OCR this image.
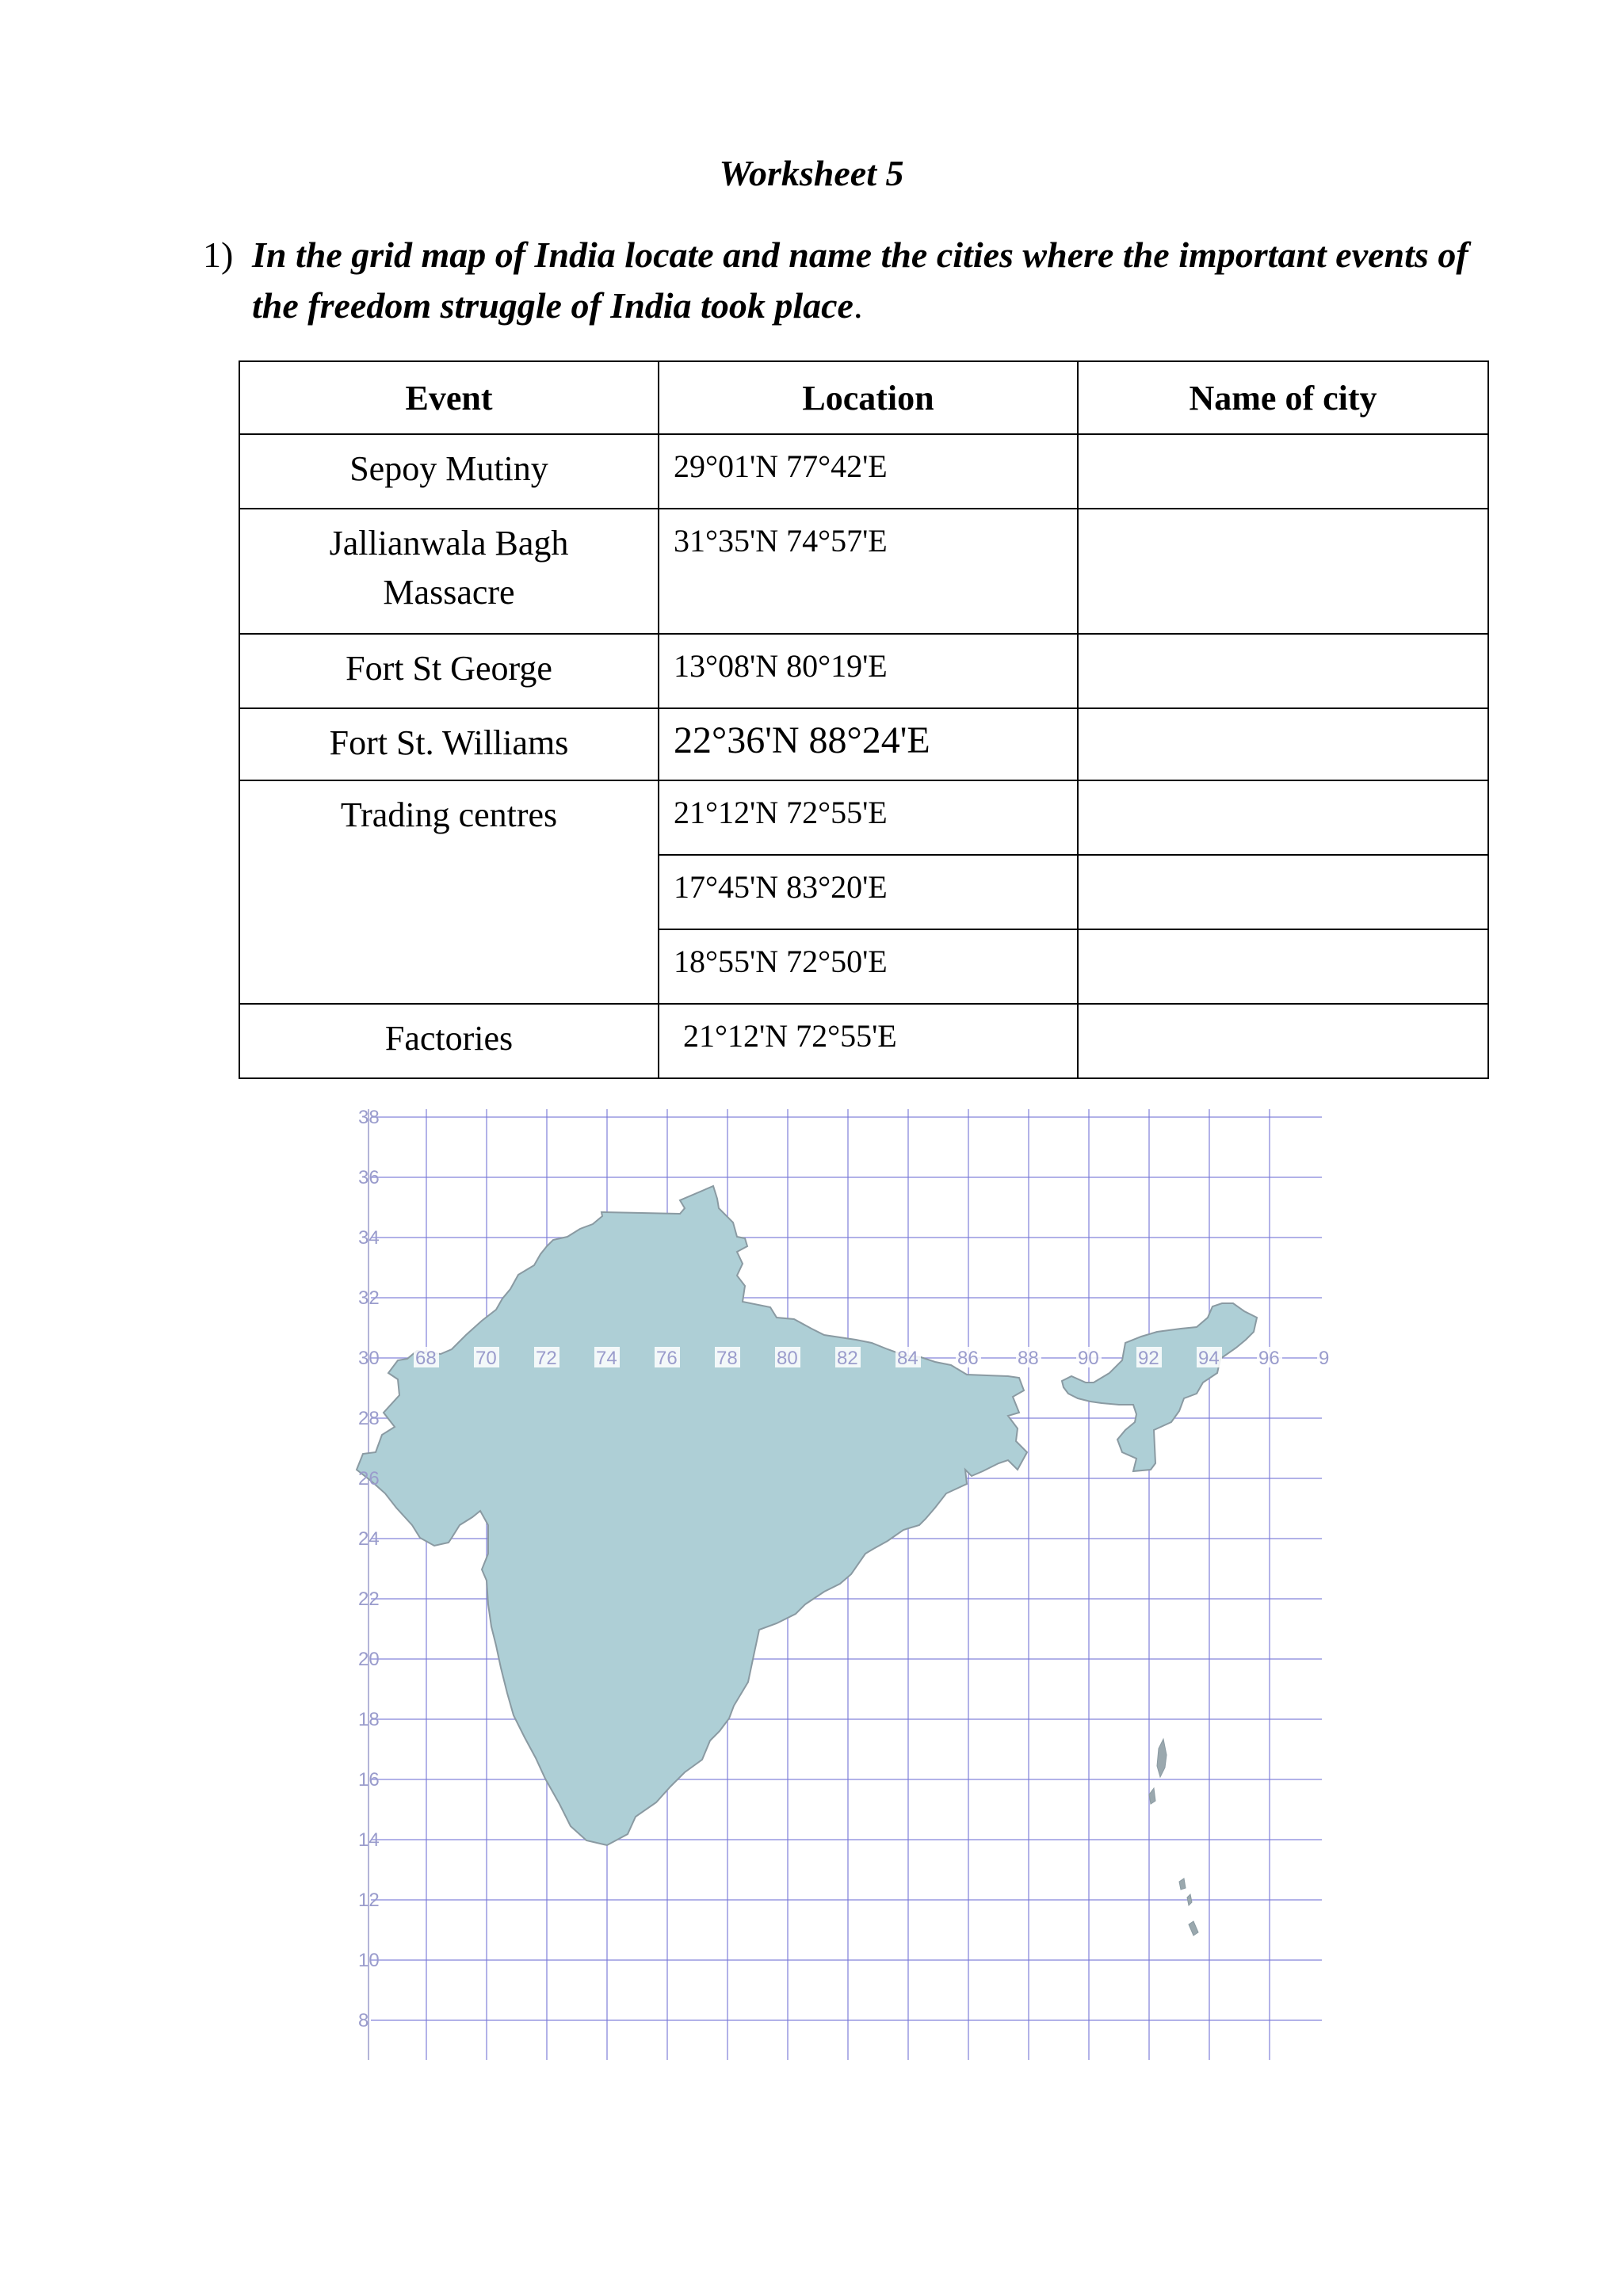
Worksheet 5
1) In the grid map of India locate and name the cities where the important events of the freedom struggle of India took place.
Event	Location	Name of city
Sepoy Mutiny	29°01'N 77°42'E	
Jallianwala Bagh Massacre	31°35'N 74°57'E	
Fort St George	13°08'N 80°19'E	
Fort St. Williams	22°36'N 88°24'E	
Trading centres	21°12'N 72°55'E	
	17°45'N 83°20'E	
	18°55'N 72°50'E	
Factories	21°12'N 72°55'E	
38
36
34
32
30
28
26
24
22
20
18
16
14
12
10
8
68 70 72 74 76 78 80 82 84 86 88 90 92 94 96 9
